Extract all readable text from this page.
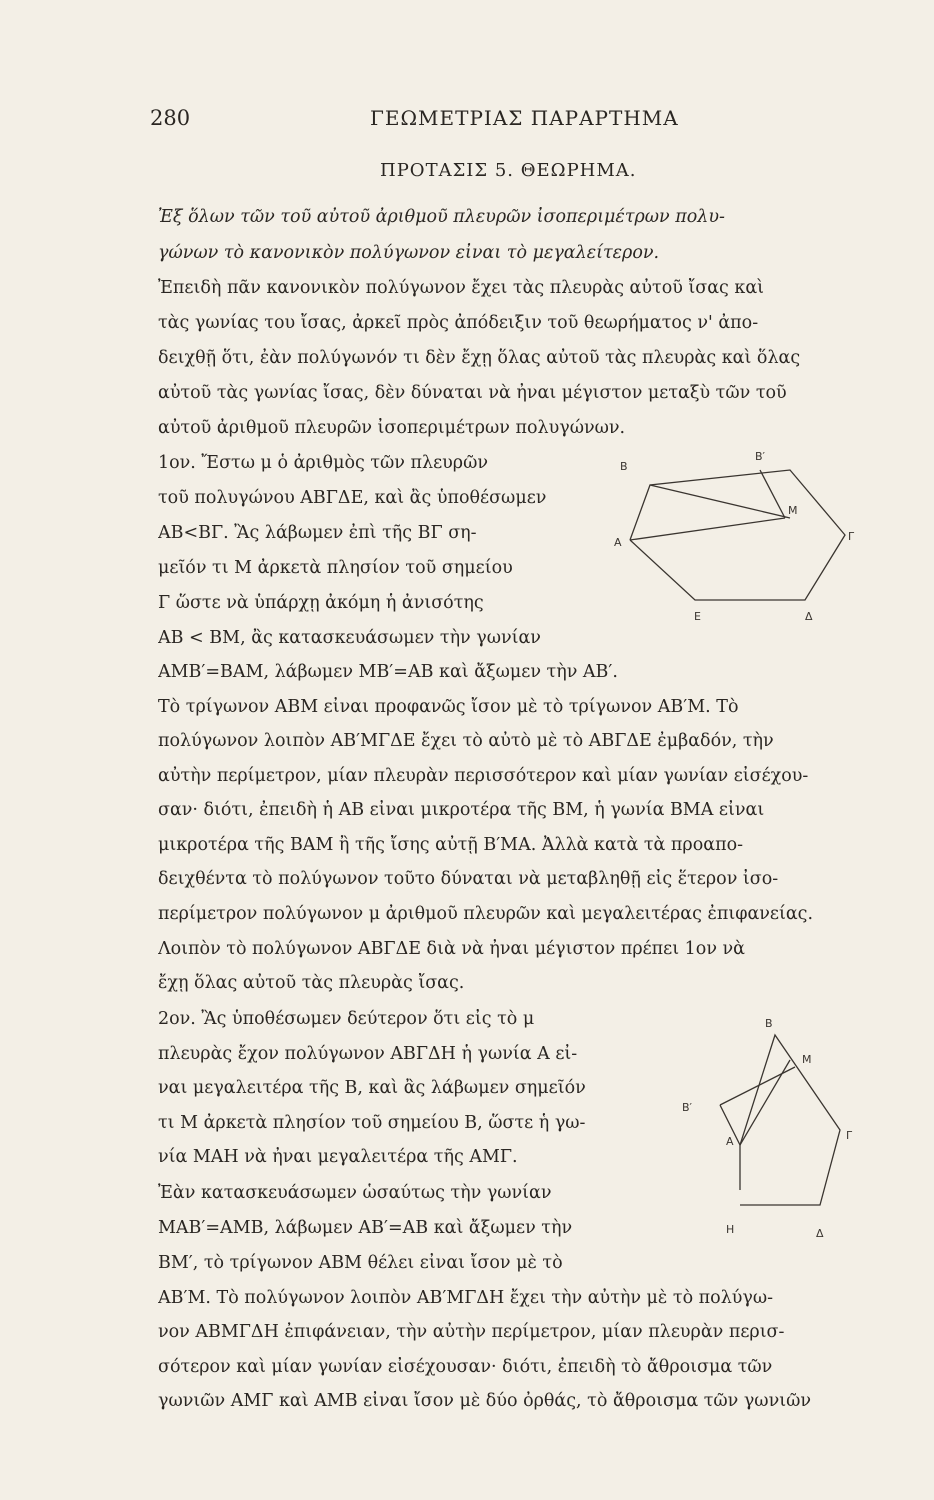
280	ΓΕΩΜΕΤΡΙΑΣ ΠΑΡΑΡΤΗΜΑ
ΠΡΟΤΑΣΙΣ 5. ΘΕΩΡΗΜΑ.
Ἐξ ὅλων τῶν τοῦ αὐτοῦ ἀριθμοῦ πλευρῶν ἰσοπεριμέτρων πολυ-
γώνων τὸ κανονικὸν πολύγωνον εἶναι τὸ μεγαλείτερον.
Ἐπειδὴ πᾶν κανονικὸν πολύγωνον ἔχει τὰς πλευρὰς αὐτοῦ ἴσας καὶ
τὰς γωνίας του ἴσας, ἀρκεῖ πρὸς ἀπόδειξιν τοῦ θεωρήματος ν' ἀπο-
δειχθῇ ὅτι, ἐὰν πολύγωνόν τι δὲν ἔχῃ ὅλας αὐτοῦ τὰς πλευρὰς καὶ ὅλας
αὐτοῦ τὰς γωνίας ἴσας, δὲν δύναται νὰ ἦναι μέγιστον μεταξὺ τῶν τοῦ
αὐτοῦ ἀριθμοῦ πλευρῶν ἰσοπεριμέτρων πολυγώνων.
1ον. Ἔστω μ ὁ ἀριθμὸς τῶν πλευρῶν
τοῦ πολυγώνου ΑΒΓΔΕ, καὶ ἂς ὑποθέσωμεν
ΑΒ<ΒΓ. Ἂς λάβωμεν ἐπὶ τῆς ΒΓ ση-
μεῖόν τι Μ ἀρκετὰ πλησίον τοῦ σημείου
Γ ὥστε νὰ ὑπάρχῃ ἀκόμη ἡ ἀνισότης
ΑΒ < ΒΜ, ἂς κατασκευάσωμεν τὴν γωνίαν
ΑΜΒ′=ΒΑΜ, λάβωμεν ΜΒ′=ΑΒ καὶ ἄξωμεν τὴν ΑΒ′.
Τὸ τρίγωνον ΑΒΜ εἶναι προφανῶς ἴσον μὲ τὸ τρίγωνον ΑΒ′Μ. Τὸ
πολύγωνον λοιπὸν ΑΒ′ΜΓΔΕ ἔχει τὸ αὐτὸ μὲ τὸ ΑΒΓΔΕ ἐμβαδόν, τὴν
αὐτὴν περίμετρον, μίαν πλευρὰν περισσότερον καὶ μίαν γωνίαν εἰσέχου-
σαν· διότι, ἐπειδὴ ἡ ΑΒ εἶναι μικροτέρα τῆς ΒΜ, ἡ γωνία ΒΜΑ εἶναι
μικροτέρα τῆς ΒΑΜ ἢ τῆς ἴσης αὐτῇ Β′ΜΑ. Ἀλλὰ κατὰ τὰ προαπο-
δειχθέντα τὸ πολύγωνον τοῦτο δύναται νὰ μεταβληθῇ εἰς ἕτερον ἰσο-
περίμετρον πολύγωνον μ ἀριθμοῦ πλευρῶν καὶ μεγαλειτέρας ἐπιφανείας.
Λοιπὸν τὸ πολύγωνον ΑΒΓΔΕ διὰ νὰ ἦναι μέγιστον πρέπει 1ον νὰ
ἔχῃ ὅλας αὐτοῦ τὰς πλευρὰς ἴσας.
2ον. Ἂς ὑποθέσωμεν δεύτερον ὅτι εἰς τὸ μ
πλευρὰς ἔχον πολύγωνον ΑΒΓΔΗ ἡ γωνία Α εἶ-
ναι μεγαλειτέρα τῆς Β, καὶ ἂς λάβωμεν σημεῖόν
τι Μ ἀρκετὰ πλησίον τοῦ σημείου Β, ὥστε ἡ γω-
νία ΜΑΗ νὰ ἦναι μεγαλειτέρα τῆς ΑΜΓ.
Ἐὰν κατασκευάσωμεν ὡσαύτως τὴν γωνίαν
ΜΑΒ′=ΑΜΒ, λάβωμεν ΑΒ′=ΑΒ καὶ ἄξωμεν τὴν
ΒΜ′, τὸ τρίγωνον ΑΒΜ θέλει εἶναι ἴσον μὲ τὸ
ΑΒ′Μ. Τὸ πολύγωνον λοιπὸν ΑΒ′ΜΓΔΗ ἔχει τὴν αὐτὴν μὲ τὸ πολύγω-
νον ΑΒΜΓΔΗ ἐπιφάνειαν, τὴν αὐτὴν περίμετρον, μίαν πλευρὰν περισ-
σότερον καὶ μίαν γωνίαν εἰσέχουσαν· διότι, ἐπειδὴ τὸ ἄθροισμα τῶν
γωνιῶν ΑΜΓ καὶ ΑΜΒ εἶναι ἴσον μὲ δύο ὀρθάς, τὸ ἄθροισμα τῶν γωνιῶν
Β
Β′
Μ
Α	Γ
Ε	Δ
Β
Μ
Β′
Α	Γ
Η	Δ
